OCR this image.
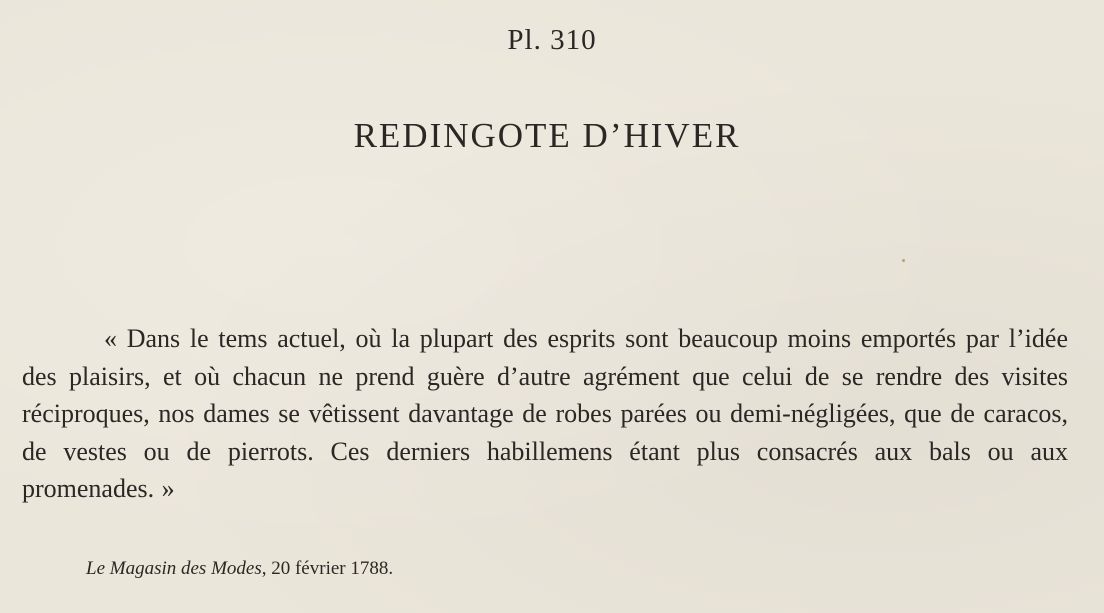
Pl. 310
REDINGOTE D’HIVER

« Dans le tems actuel, où la plupart des esprits sont beaucoup moins emportés par l’idée des plaisirs, et où chacun ne prend guère d’autre agrément que celui de se rendre des visites réciproques, nos dames se vêtissent davantage de robes parées ou demi-négligées, que de caracos, de vestes ou de pierrots. Ces derniers habillemens étant plus consacrés aux bals ou aux promenades. »

Le Magasin des Modes, 20 février 1788.
